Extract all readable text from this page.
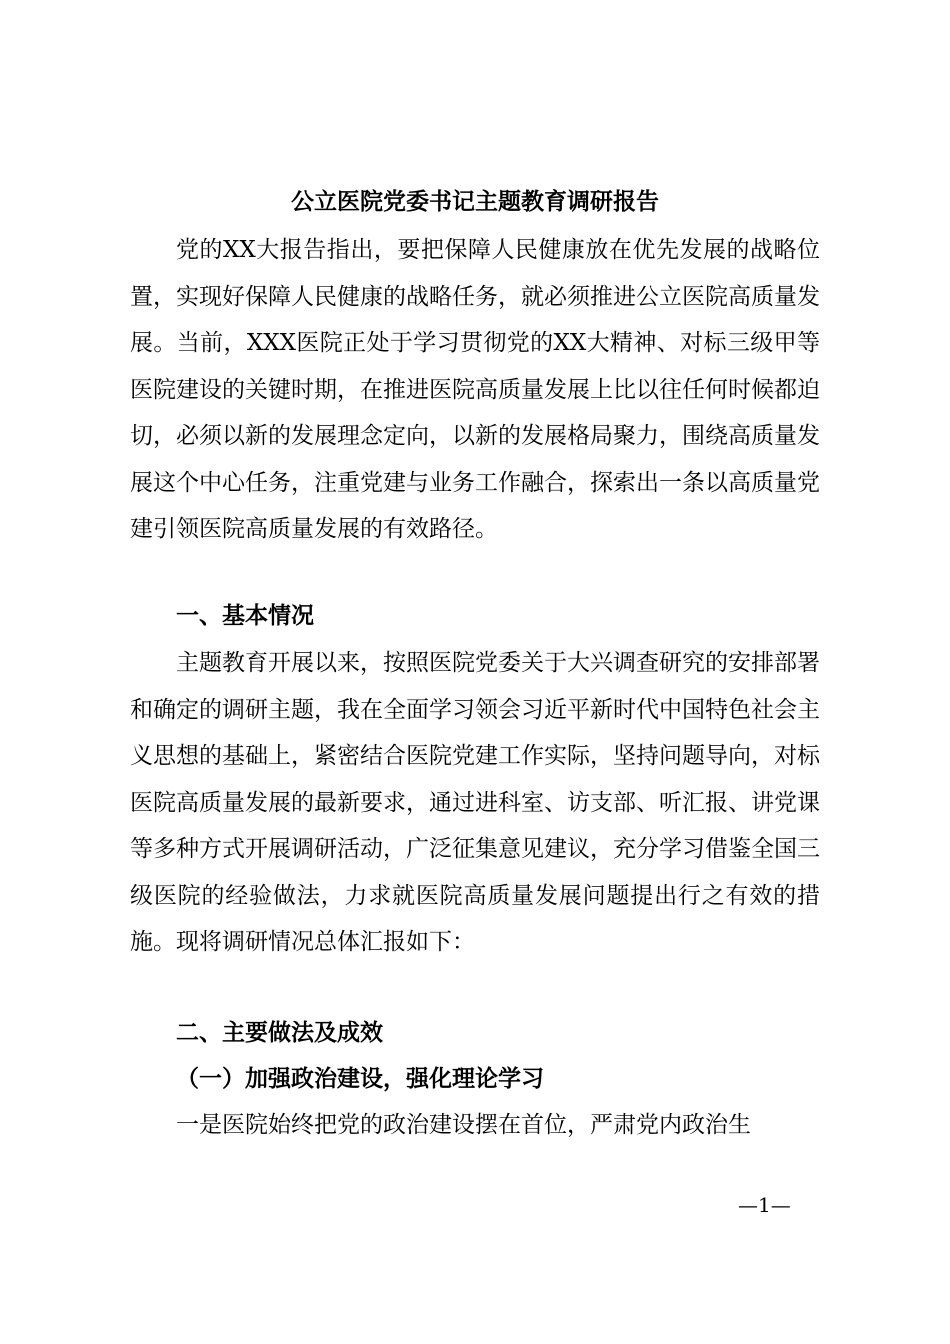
公立医院党委书记主题教育调研报告

党的XX大报告指出，要把保障人民健康放在优先发展的战略位置，实现好保障人民健康的战略任务，就必须推进公立医院高质量发展。当前，XXX医院正处于学习贯彻党的XX大精神、对标三级甲等医院建设的关键时期，在推进医院高质量发展上比以往任何时候都迫切，必须以新的发展理念定向，以新的发展格局聚力，围绕高质量发展这个中心任务，注重党建与业务工作融合，探索出一条以高质量党建引领医院高质量发展的有效路径。

一、基本情况

主题教育开展以来，按照医院党委关于大兴调查研究的安排部署和确定的调研主题，我在全面学习领会习近平新时代中国特色社会主义思想的基础上，紧密结合医院党建工作实际，坚持问题导向，对标医院高质量发展的最新要求，通过进科室、访支部、听汇报、讲党课等多种方式开展调研活动，广泛征集意见建议，充分学习借鉴全国三级医院的经验做法，力求就医院高质量发展问题提出行之有效的措施。现将调研情况总体汇报如下：

二、主要做法及成效
（一）加强政治建设，强化理论学习

一是医院始终把党的政治建设摆在首位，严肃党内政治生

—1—
